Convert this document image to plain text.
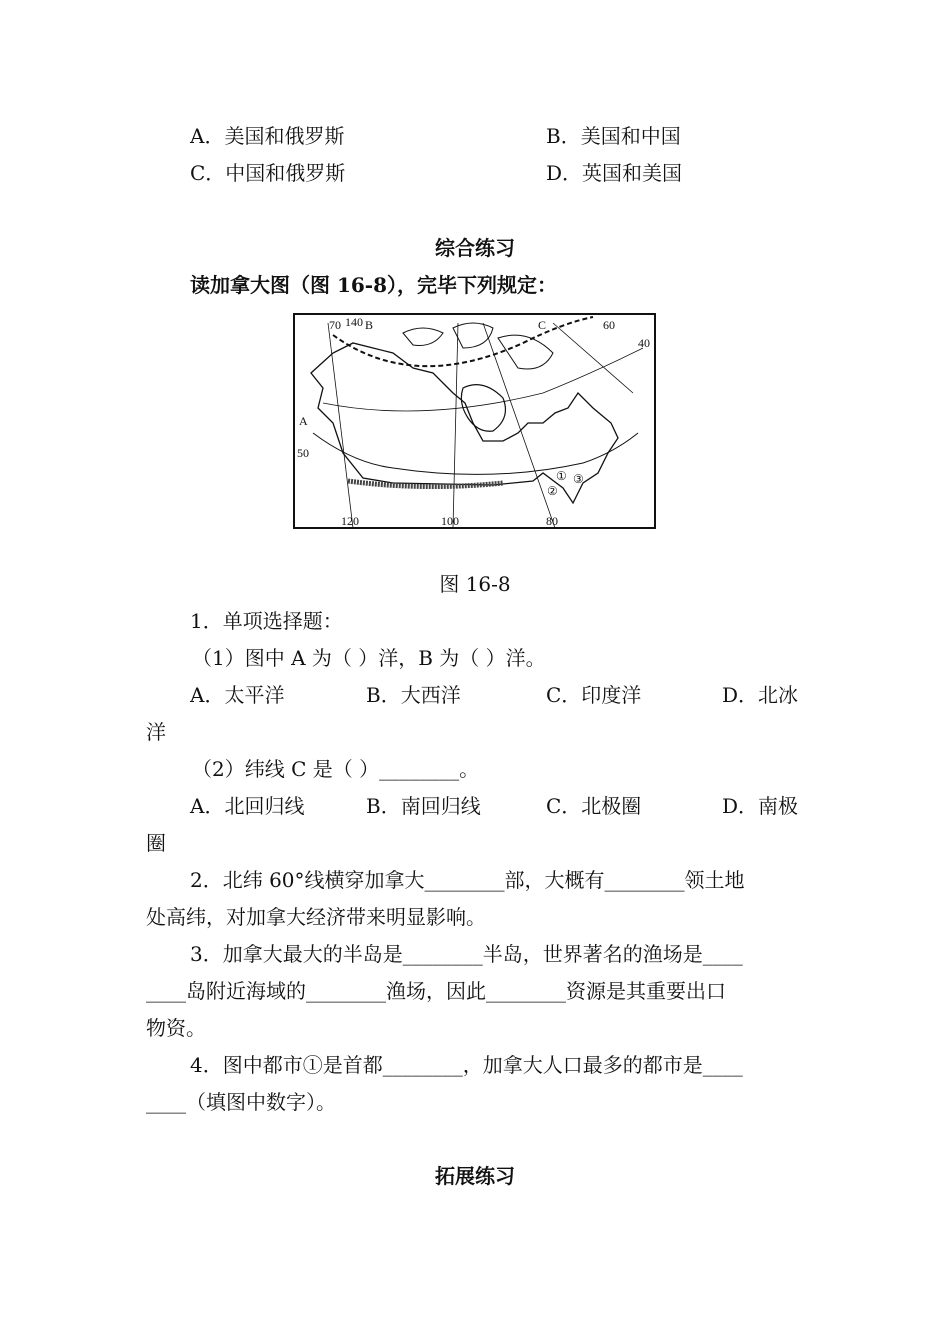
A．美国和俄罗斯	B．美国和中国
C．中国和俄罗斯	D．英国和美国
综合练习
读加拿大图（图 16-8），完毕下列规定：
A
B	C
50
60
40
70 140
120	100	80
①
②
③
图 16-8
1．单项选择题：
（1）图中 A 为（ ）洋，B 为（ ）洋。
A．太平洋	B．大西洋	C．印度洋	D．北冰
洋
（2）纬线 C 是（ ）________。
A．北回归线	B．南回归线	C．北极圈	D．南极
圈
2．北纬 60°线横穿加拿大________部，大概有________领土地
处高纬，对加拿大经济带来明显影响。
3．加拿大最大的半岛是________半岛，世界著名的渔场是____
____岛附近海域的________渔场，因此________资源是其重要出口
物资。
4．图中都市①是首都________，加拿大人口最多的都市是____
____（填图中数字）。
拓展练习
